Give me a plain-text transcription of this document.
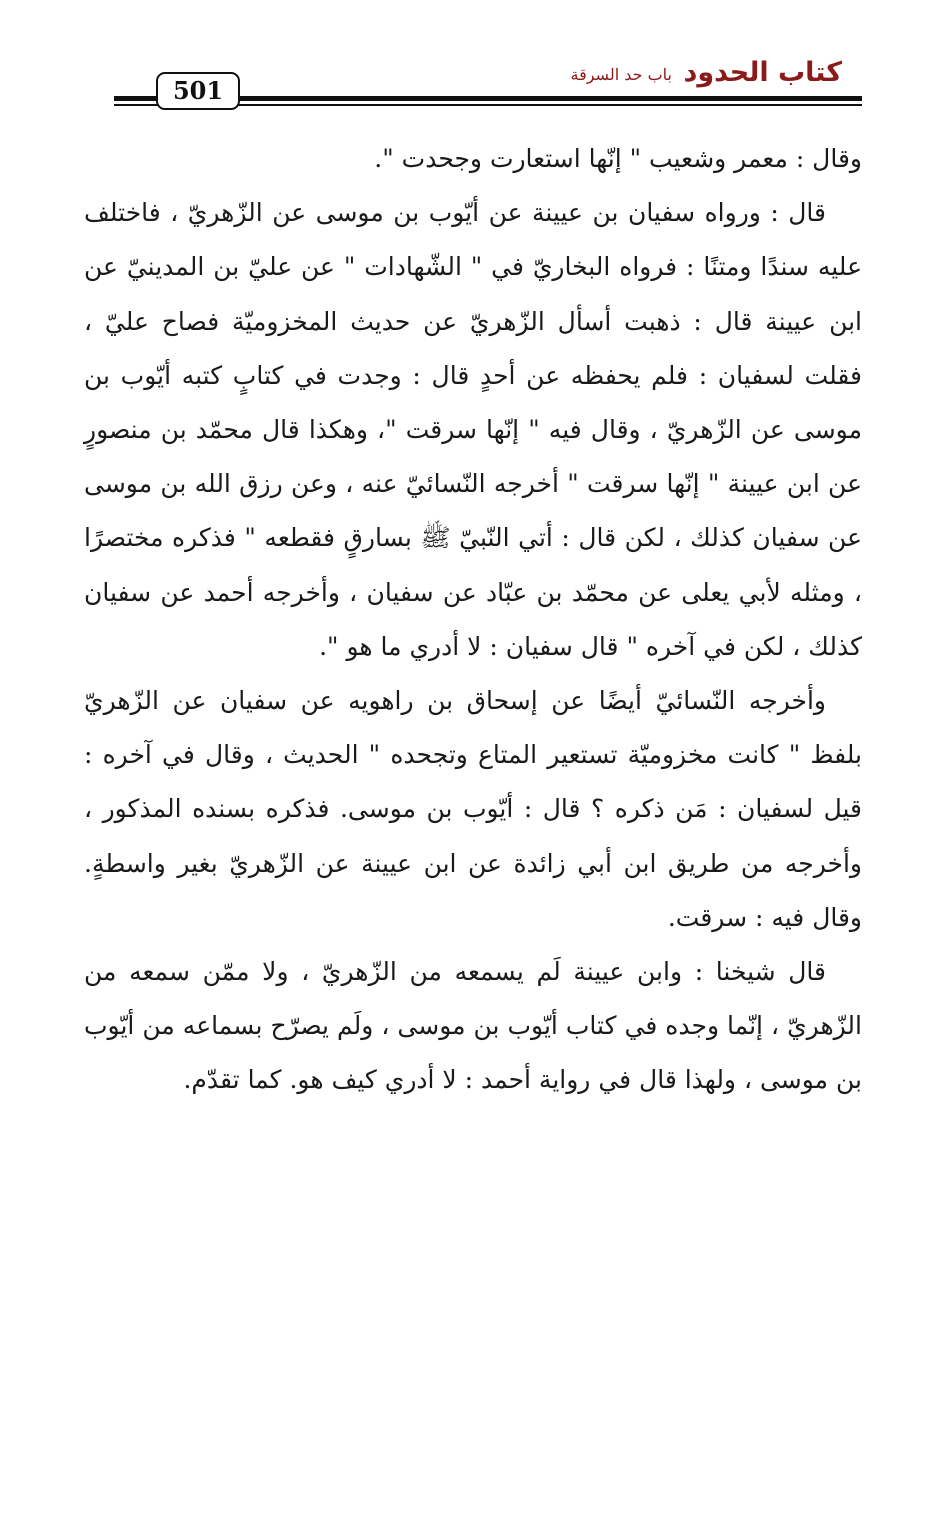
كتاب الحدود
باب حد السرقة
501

وقال : معمر وشعيب " إنّها استعارت وجحدت ".

قال : ورواه سفيان بن عيينة عن أيّوب بن موسى عن الزّهريّ ، فاختلف عليه سندًا ومتنًا : فرواه البخاريّ في " الشّهادات " عن عليّ بن المدينيّ عن ابن عيينة قال : ذهبت أسأل الزّهريّ عن حديث المخزوميّة فصاح عليّ ، فقلت لسفيان : فلم يحفظه عن أحدٍ قال : وجدت في كتابٍ كتبه أيّوب بن موسى عن الزّهريّ ، وقال فيه " إنّها سرقت "، وهكذا قال محمّد بن منصورٍ عن ابن عيينة " إنّها سرقت " أخرجه النّسائيّ عنه ، وعن رزق الله بن موسى عن سفيان كذلك ، لكن قال : أتي النّبيّ ﷺ بسارقٍ فقطعه " فذكره مختصرًا ، ومثله لأبي يعلى عن محمّد بن عبّاد عن سفيان ، وأخرجه أحمد عن سفيان كذلك ، لكن في آخره " قال سفيان : لا أدري ما هو ".

وأخرجه النّسائيّ أيضًا عن إسحاق بن راهويه عن سفيان عن الزّهريّ بلفظ " كانت مخزوميّة تستعير المتاع وتجحده " الحديث ، وقال في آخره : قيل لسفيان : مَن ذكره ؟ قال : أيّوب بن موسى. فذكره بسنده المذكور ، وأخرجه من طريق ابن أبي زائدة عن ابن عيينة عن الزّهريّ بغير واسطةٍ. وقال فيه : سرقت.

قال شيخنا : وابن عيينة لَم يسمعه من الزّهريّ ، ولا ممّن سمعه من الزّهريّ ، إنّما وجده في كتاب أيّوب بن موسى ، ولَم يصرّح بسماعه من أيّوب بن موسى ، ولهذا قال في رواية أحمد : لا أدري كيف هو. كما تقدّم.
